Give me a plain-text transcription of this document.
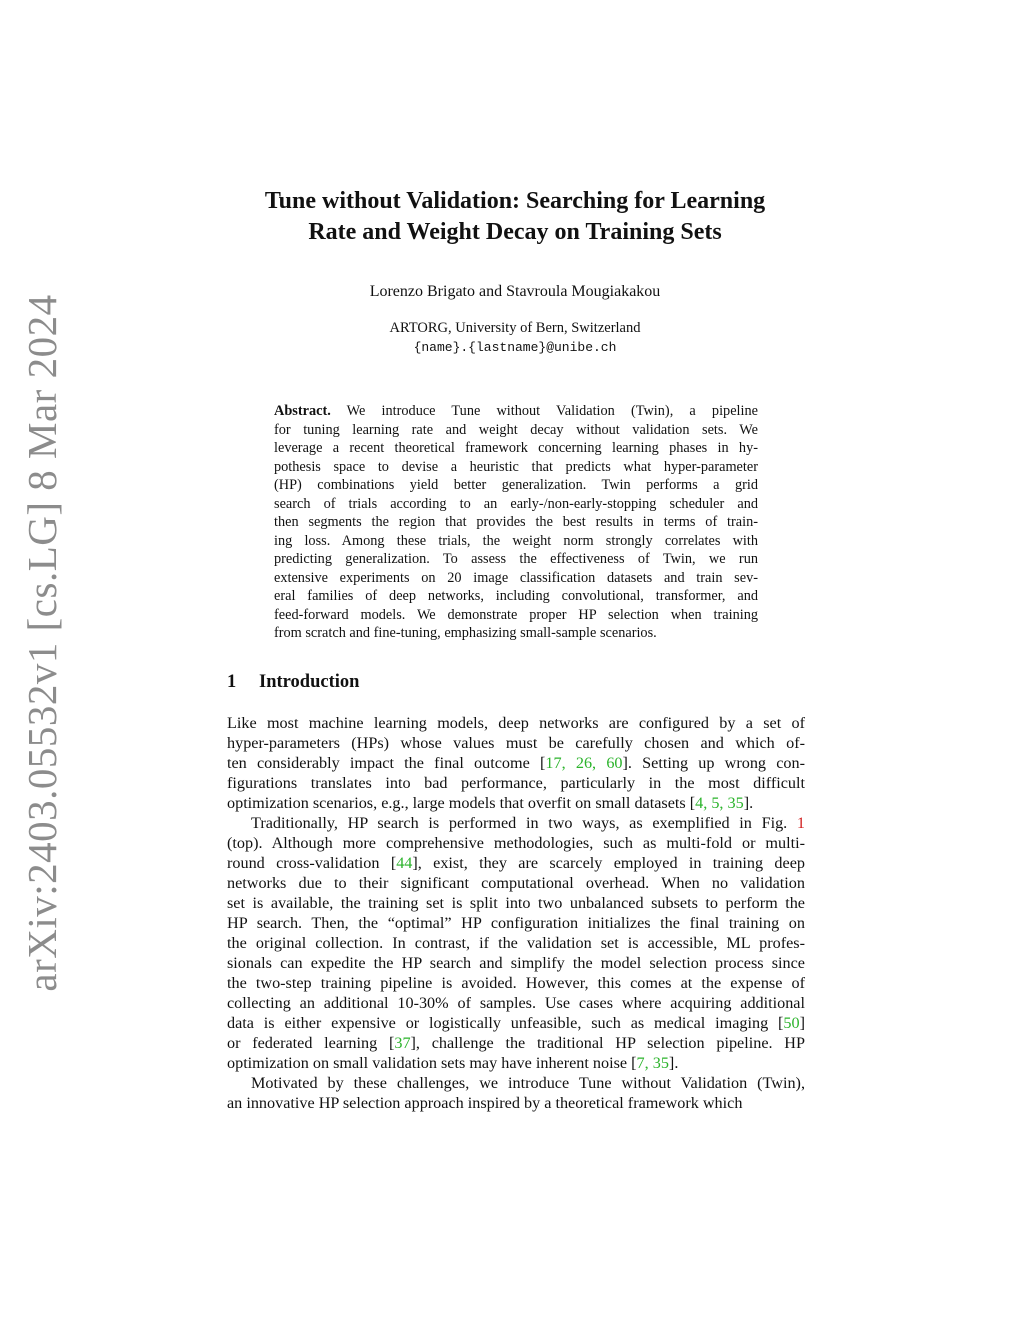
arXiv:2403.05532v1 [cs.LG] 8 Mar 2024
Tune without Validation: Searching for Learning
Rate and Weight Decay on Training Sets
Lorenzo Brigato and Stavroula Mougiakakou
ARTORG, University of Bern, Switzerland
{name}.{lastname}@unibe.ch
Abstract. We introduce Tune without Validation (Twin), a pipeline
for tuning learning rate and weight decay without validation sets. We
leverage a recent theoretical framework concerning learning phases in hy-
pothesis space to devise a heuristic that predicts what hyper-parameter
(HP) combinations yield better generalization. Twin performs a grid
search of trials according to an early-/non-early-stopping scheduler and
then segments the region that provides the best results in terms of train-
ing loss. Among these trials, the weight norm strongly correlates with
predicting generalization. To assess the effectiveness of Twin, we run
extensive experiments on 20 image classification datasets and train sev-
eral families of deep networks, including convolutional, transformer, and
feed-forward models. We demonstrate proper HP selection when training
from scratch and fine-tuning, emphasizing small-sample scenarios.
1 Introduction
Like most machine learning models, deep networks are configured by a set of
hyper-parameters (HPs) whose values must be carefully chosen and which of-
ten considerably impact the final outcome [17, 26, 60]. Setting up wrong con-
figurations translates into bad performance, particularly in the most difficult
optimization scenarios, e.g., large models that overfit on small datasets [4, 5, 35].
Traditionally, HP search is performed in two ways, as exemplified in Fig. 1
(top). Although more comprehensive methodologies, such as multi-fold or multi-
round cross-validation [44], exist, they are scarcely employed in training deep
networks due to their significant computational overhead. When no validation
set is available, the training set is split into two unbalanced subsets to perform the
HP search. Then, the “optimal” HP configuration initializes the final training on
the original collection. In contrast, if the validation set is accessible, ML profes-
sionals can expedite the HP search and simplify the model selection process since
the two-step training pipeline is avoided. However, this comes at the expense of
collecting an additional 10-30% of samples. Use cases where acquiring additional
data is either expensive or logistically unfeasible, such as medical imaging [50]
or federated learning [37], challenge the traditional HP selection pipeline. HP
optimization on small validation sets may have inherent noise [7, 35].
Motivated by these challenges, we introduce Tune without Validation (Twin),
an innovative HP selection approach inspired by a theoretical framework which
